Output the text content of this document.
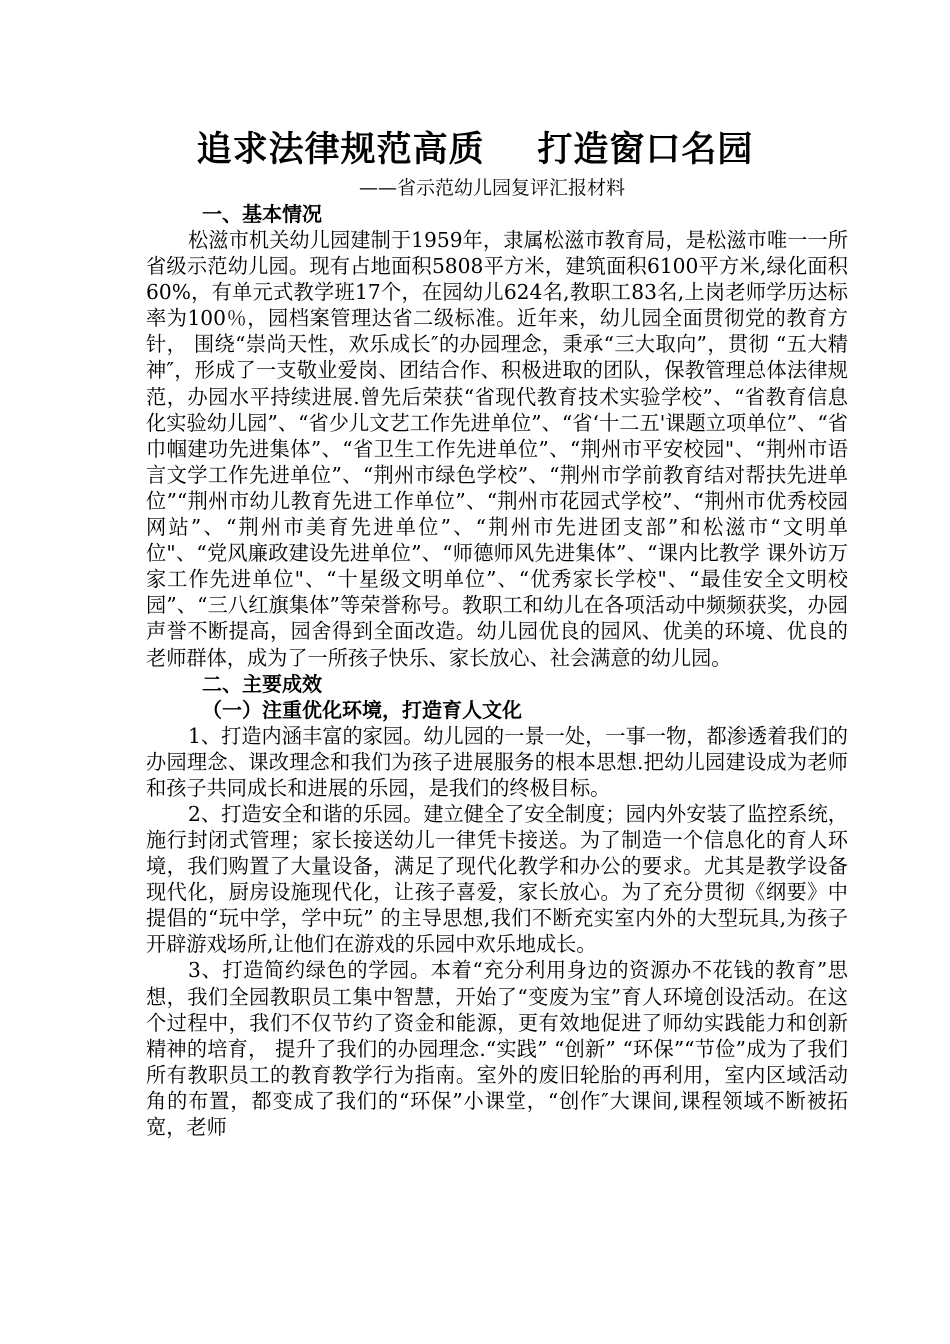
追求法律规范高质    打造窗口名园
——省示范幼儿园复评汇报材料

一、基本情况

松滋市机关幼儿园建制于1959年，隶属松滋市教育局，是松滋市唯一一所省级示范幼儿园。现有占地面积5808平方米，建筑面积6100平方米,绿化面积60%，有单元式教学班17个，在园幼儿624名,教职工83名,上岗老师学历达标率为100％，园档案管理达省二级标准。近年来，幼儿园全面贯彻党的教育方针， 围绕“崇尚天性，欢乐成长″的办园理念，秉承“三大取向”，贯彻 “五大精神″，形成了一支敬业爱岗、团结合作、积极进取的团队，保教管理总体法律规范，办园水平持续进展.曾先后荣获“省现代教育技术实验学校”、“省教育信息化实验幼儿园”、“省少儿文艺工作先进单位”、“省‘十二五'课题立项单位”、“省巾帼建功先进集体”、“省卫生工作先进单位”、“荆州市平安校园"、“荆州市语言文学工作先进单位”、“荆州市绿色学校”、“荆州市学前教育结对帮扶先进单位”“荆州市幼儿教育先进工作单位”、“荆州市花园式学校”、“荆州市优秀校园网站”、“荆州市美育先进单位”、“荆州市先进团支部”和松滋市“文明单位"、“党风廉政建设先进单位”、“师德师风先进集体”、“课内比教学 课外访万家工作先进单位"、“十星级文明单位”、“优秀家长学校"、“最佳安全文明校园”、“三八红旗集体”等荣誉称号。教职工和幼儿在各项活动中频频获奖，办园声誉不断提高，园舍得到全面改造。幼儿园优良的园风、优美的环境、优良的老师群体，成为了一所孩子快乐、家长放心、社会满意的幼儿园。

二、主要成效

（一）注重优化环境，打造育人文化

1、打造内涵丰富的家园。幼儿园的一景一处，一事一物，都渗透着我们的办园理念、课改理念和我们为孩子进展服务的根本思想.把幼儿园建设成为老师和孩子共同成长和进展的乐园，是我们的终极目标。

2、打造安全和谐的乐园。建立健全了安全制度；园内外安装了监控系统，施行封闭式管理；家长接送幼儿一律凭卡接送。为了制造一个信息化的育人环境，我们购置了大量设备，满足了现代化教学和办公的要求。尤其是教学设备现代化，厨房设施现代化，让孩子喜爱，家长放心。为了充分贯彻《纲要》中提倡的“玩中学，学中玩” 的主导思想,我们不断充实室内外的大型玩具,为孩子开辟游戏场所,让他们在游戏的乐园中欢乐地成长。

3、打造简约绿色的学园。本着“充分利用身边的资源办不花钱的教育”思想，我们全园教职员工集中智慧，开始了“变废为宝”育人环境创设活动。在这个过程中，我们不仅节约了资金和能源，更有效地促进了师幼实践能力和创新精神的培育， 提升了我们的办园理念.“实践” “创新” “环保”“节俭”成为了我们所有教职员工的教育教学行为指南。室外的废旧轮胎的再利用，室内区域活动角的布置，都变成了我们的“环保”小课堂，“创作″大课间,课程领域不断被拓宽，老师
